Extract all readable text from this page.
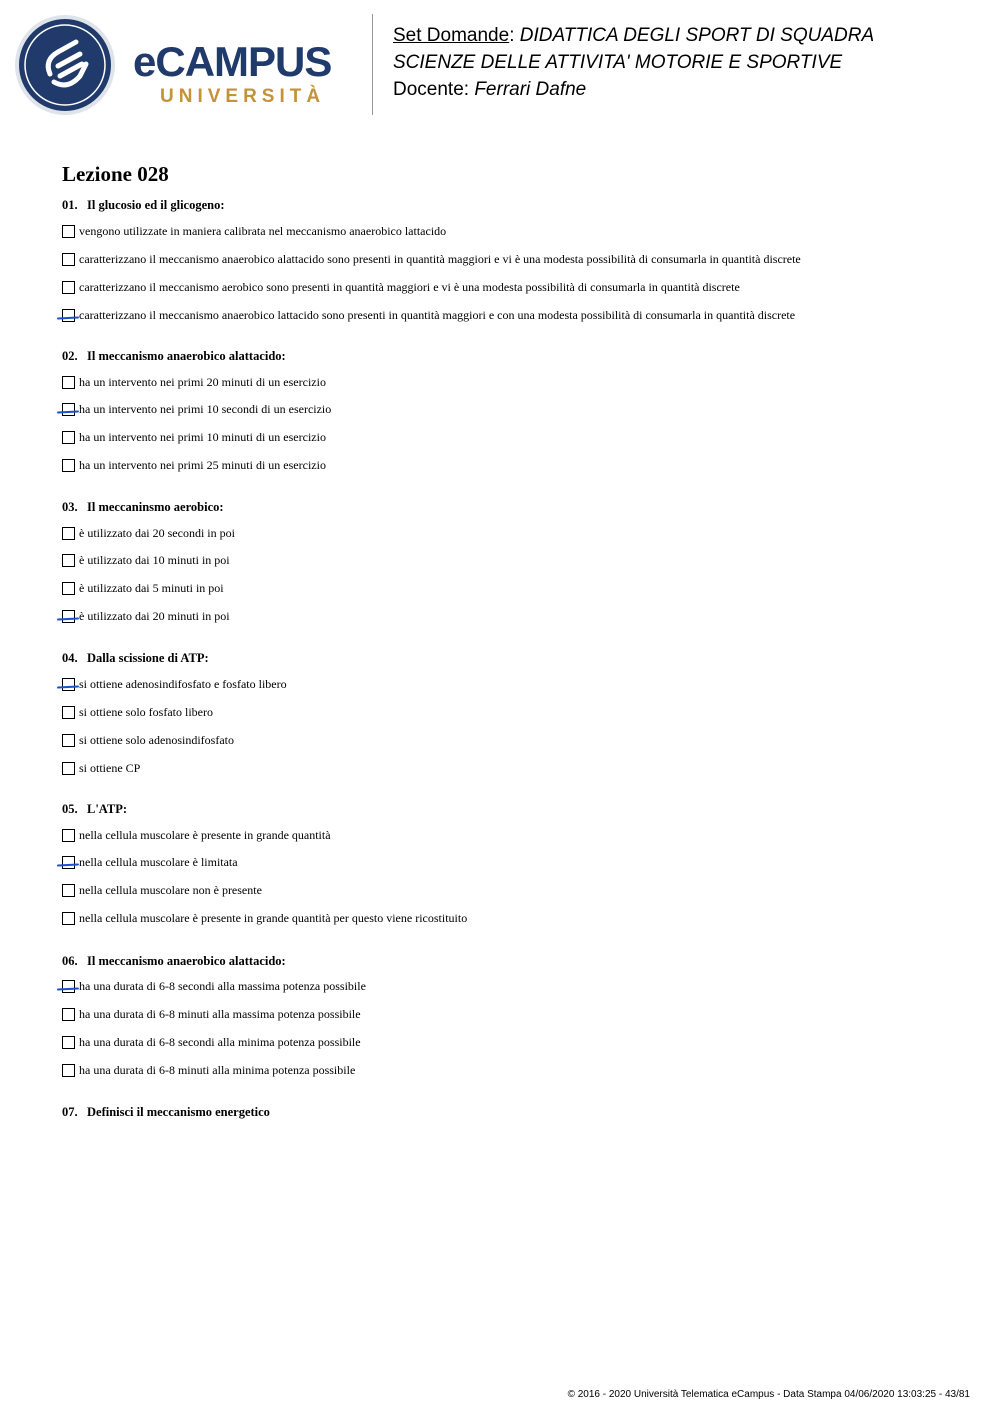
eCAMPUS
UNIVERSITÀ
Set Domande: DIDATTICA DEGLI SPORT DI SQUADRA
SCIENZE DELLE ATTIVITA' MOTORIE E SPORTIVE
Docente: Ferrari Dafne
Lezione 028
01. Il glucosio ed il glicogeno:
vengono utilizzate in maniera calibrata nel meccanismo anaerobico lattacido
caratterizzano il meccanismo anaerobico alattacido sono presenti in quantità maggiori e vi è una modesta possibilità di consumarla in quantità discrete
caratterizzano il meccanismo aerobico sono presenti in quantità maggiori e vi è una modesta possibilità di consumarla in quantità discrete
caratterizzano il meccanismo anaerobico lattacido sono presenti in quantità maggiori e con una modesta possibilità di consumarla in quantità discrete
02. Il meccanismo anaerobico alattacido:
ha un intervento nei primi 20 minuti di un esercizio
ha un intervento nei primi 10 secondi di un esercizio
ha un intervento nei primi 10 minuti di un esercizio
ha un intervento nei primi 25 minuti di un esercizio
03. Il meccaninsmo aerobico:
è utilizzato dai 20 secondi in poi
è utilizzato dai 10 minuti in poi
è utilizzato dai 5 minuti in poi
è utilizzato dai 20 minuti in poi
04. Dalla scissione di ATP:
si ottiene adenosindifosfato e fosfato libero
si ottiene solo fosfato libero
si ottiene solo adenosindifosfato
si ottiene CP
05. L'ATP:
nella cellula muscolare è presente in grande quantità
nella cellula muscolare è limitata
nella cellula muscolare non è presente
nella cellula muscolare è presente in grande quantità per questo viene ricostituito
06. Il meccanismo anaerobico alattacido:
ha una durata di 6-8 secondi alla massima potenza possibile
ha una durata di 6-8 minuti alla massima potenza possibile
ha una durata di 6-8 secondi alla minima potenza possibile
ha una durata di 6-8 minuti alla minima potenza possibile
07. Definisci il meccanismo energetico
© 2016 - 2020 Università Telematica eCampus - Data Stampa 04/06/2020 13:03:25 - 43/81
